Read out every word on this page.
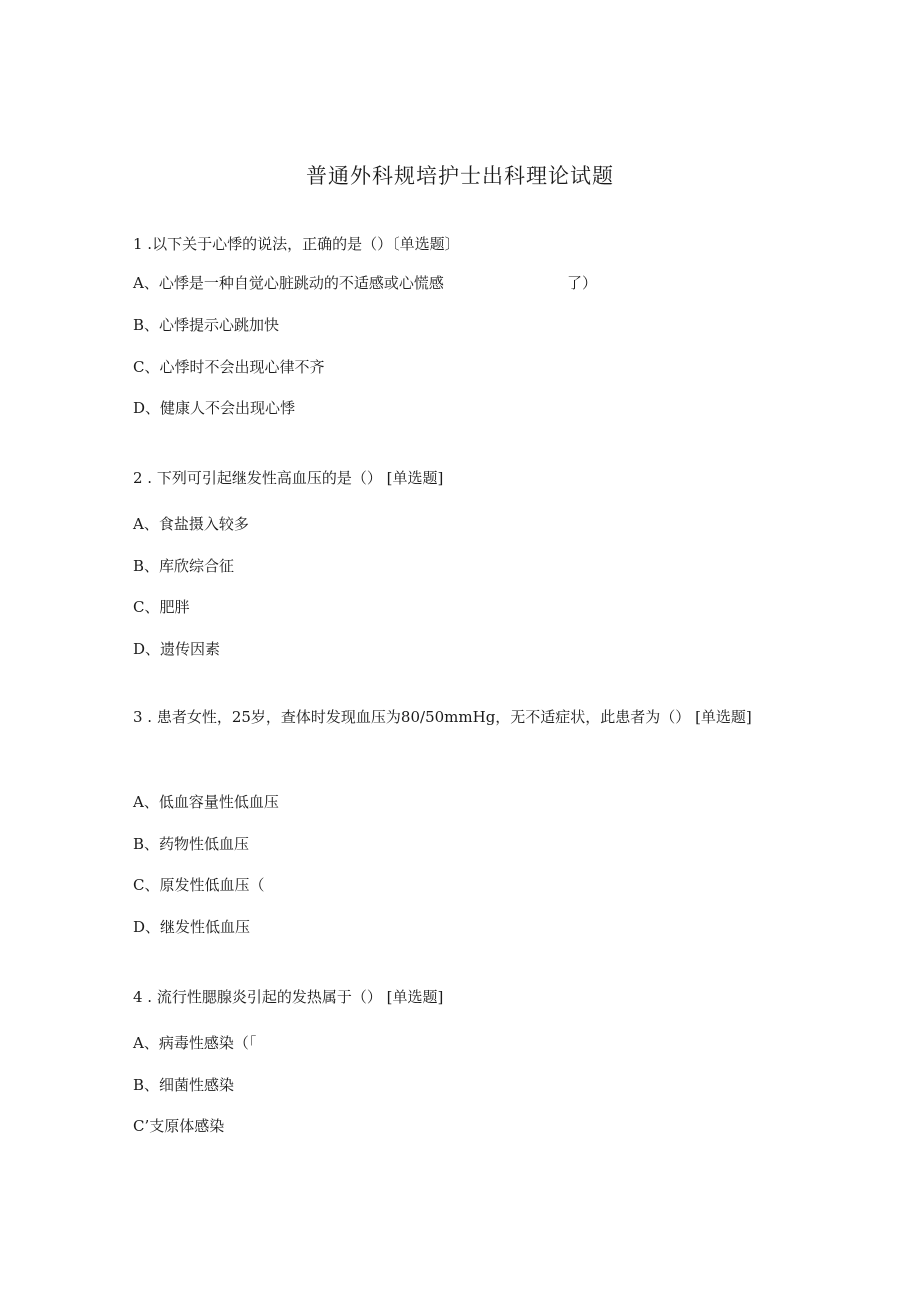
普通外科规培护士出科理论试题
1 .以下关于心悸的说法，正确的是（）〔单选题〕
A、心悸是一种自觉心脏跳动的不适感或心慌感	了）
B、心悸提示心跳加快
C、心悸时不会出现心律不齐
D、健康人不会出现心悸
2 . 下列可引起继发性高血压的是（） [单选题]
A、食盐摄入较多
B、库欣综合征
C、肥胖
D、遗传因素
3 . 患者女性，25岁，查体时发现血压为80/50mmHg，无不适症状，此患者为（） [单选题]
A、低血容量性低血压
B、药物性低血压
C、原发性低血压（
D、继发性低血压
4 . 流行性腮腺炎引起的发热属于（） [单选题]
A、病毒性感染（「
B、细菌性感染
C’支原体感染
